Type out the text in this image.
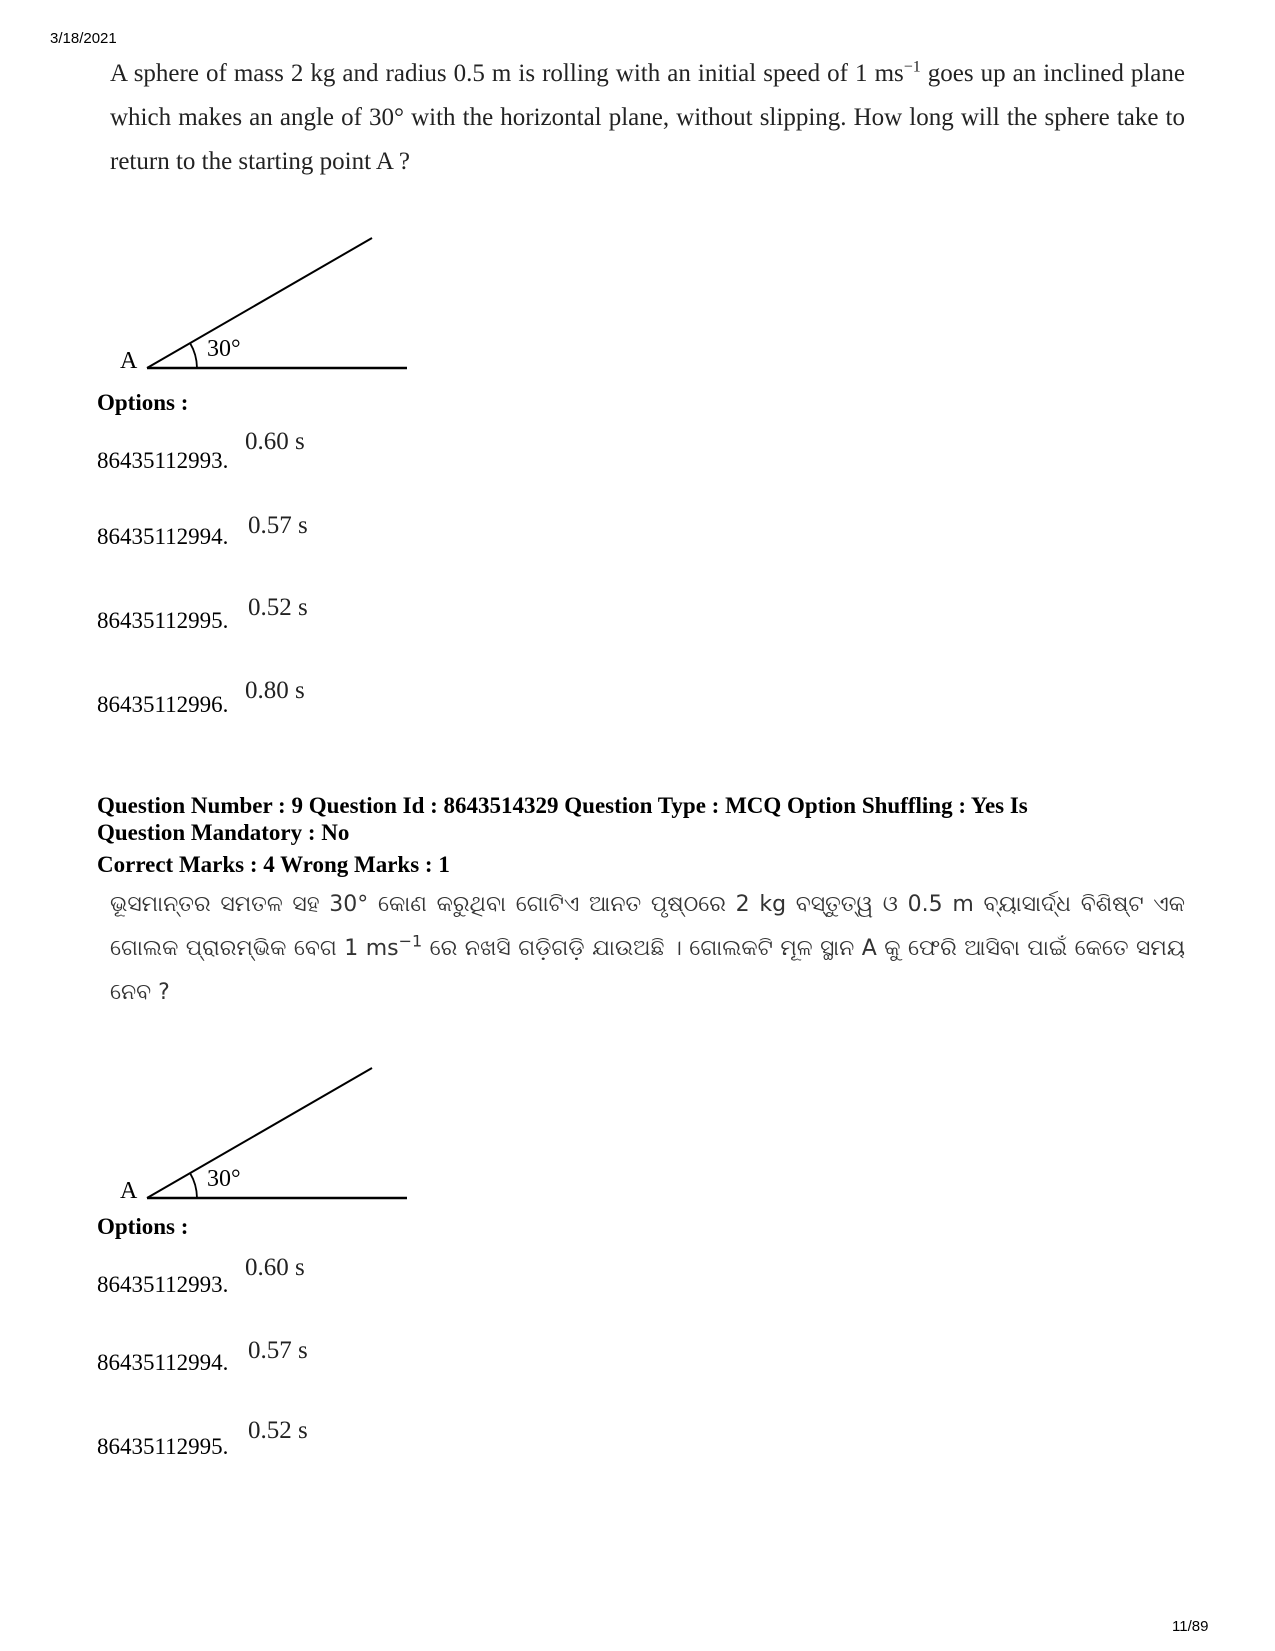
3/18/2021
A sphere of mass 2 kg and radius 0.5 m is rolling with an initial speed of 1 $ms^{-1}$ goes up an inclined plane which makes an angle of 30° with the horizontal plane, without slipping. How long will the sphere take to return to the starting point A ?
A	30°
Options :
86435112993.
0.60 s
86435112994. 0.57 s
86435112995. 0.52 s
86435112996.
0.80 s
Question Number : 9 Question Id : 8643514329 Question Type : MCQ Option Shuffling : Yes Is
Question Mandatory : No
Correct Marks : 4 Wrong Marks : 1
ଭୂସମାନ୍ତର ସମତଳ ସହ 30° କୋଣ କରୁଥିବା ଗୋଟିଏ ଆନତ ପୃଷ୍ଠରେ 2 kg ବସ୍ତୁତ୍ୱ ଓ 0.5 m ବ୍ୟାସାର୍ଦ୍ଧ ବିଶିଷ୍ଟ ଏକ ଗୋଲକ ପ୍ରାରମ୍ଭିକ ବେଗ 1 $ms^{-1}$ ରେ ନଖସି ଗଡ଼ିଗଡ଼ି ଯାଉଅଛି । ଗୋଲକଟି ମୂଳ ସ୍ଥାନ A କୁ ଫେରି ଆସିବା ପାଇଁ କେତେ ସମୟ ନେବ ?
A	30°
Options :
86435112993.
0.60 s
86435112994. 0.57 s
86435112995.
0.52 s
11/89
